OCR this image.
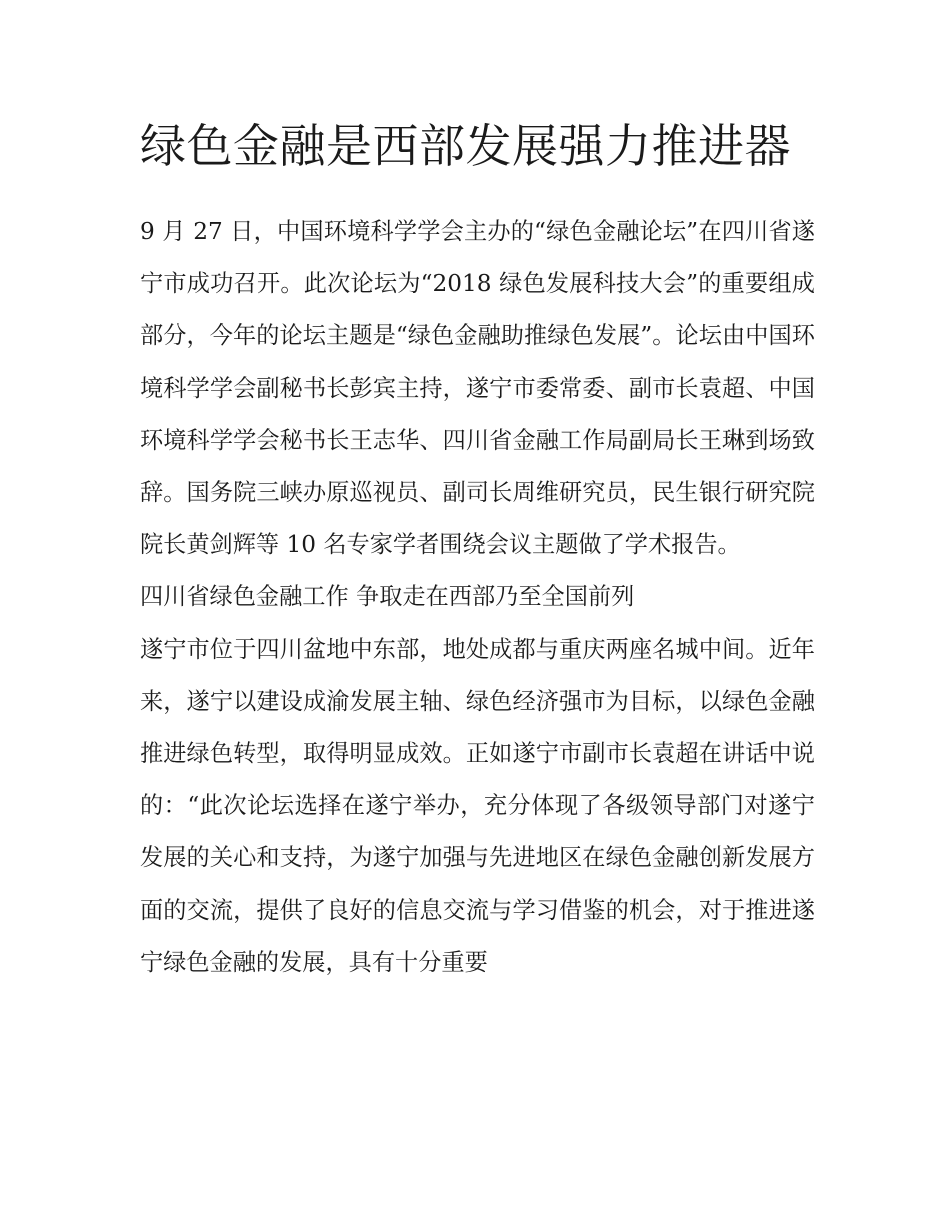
绿色金融是西部发展强力推进器

9 月 27 日，中国环境科学学会主办的“绿色金融论坛”在四川省遂宁市成功召开。此次论坛为“2018 绿色发展科技大会”的重要组成部分，今年的论坛主题是“绿色金融助推绿色发展”。论坛由中国环境科学学会副秘书长彭宾主持，遂宁市委常委、副市长袁超、中国环境科学学会秘书长王志华、四川省金融工作局副局长王琳到场致辞。国务院三峡办原巡视员、副司长周维研究员，民生银行研究院院长黄剑辉等 10 名专家学者围绕会议主题做了学术报告。

四川省绿色金融工作 争取走在西部乃至全国前列

遂宁市位于四川盆地中东部，地处成都与重庆两座名城中间。近年来，遂宁以建设成渝发展主轴、绿色经济强市为目标，以绿色金融推进绿色转型，取得明显成效。正如遂宁市副市长袁超在讲话中说的：“此次论坛选择在遂宁举办，充分体现了各级领导部门对遂宁发展的关心和支持，为遂宁加强与先进地区在绿色金融创新发展方面的交流，提供了良好的信息交流与学习借鉴的机会，对于推进遂宁绿色金融的发展，具有十分重要
